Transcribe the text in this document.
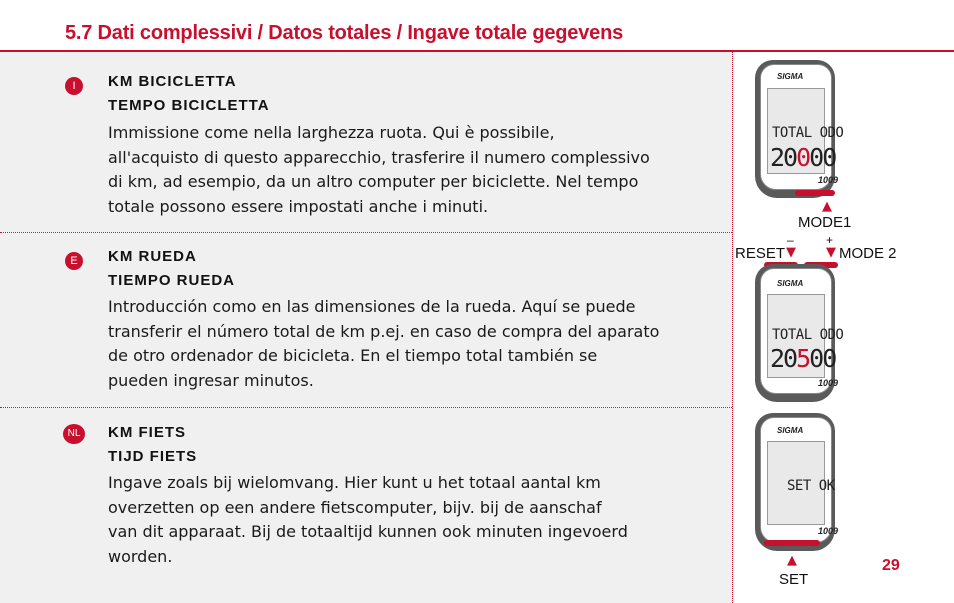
5.7 Dati complessivi / Datos totales / Ingave totale gegevens
I	KM BICICLETTA
TEMPO BICICLETTA
Immissione come nella larghezza ruota. Qui è possibile,
all'acquisto di questo apparecchio, trasferire il numero complessivo
di km, ad esempio, da un altro computer per biciclette. Nel tempo
totale possono essere impostati anche i minuti.
E	KM RUEDA
TIEMPO RUEDA
Introducción como en las dimensiones de la rueda. Aquí se puede
transferir el número total de km p.ej. en caso de compra del aparato
de otro ordenador de bicicleta. En el tiempo total también se
pueden ingresar minutos.
NL	KM FIETS
TIJD FIETS
Ingave zoals bij wielomvang. Hier kunt u het totaal aantal km
overzetten op een andere fietscomputer, bijv. bij de aanschaf
van dit apparaat. Bij de totaaltijd kunnen ook minuten ingevoerd
worden.
SIGMA
TOTAL ODO
20000
1009
▲
MODE1
–	+
RESET ▼ ▼ MODE 2
SIGMA
TOTAL ODO
20500
1009
SIGMA
SET OK
1009
▲
SET
29
